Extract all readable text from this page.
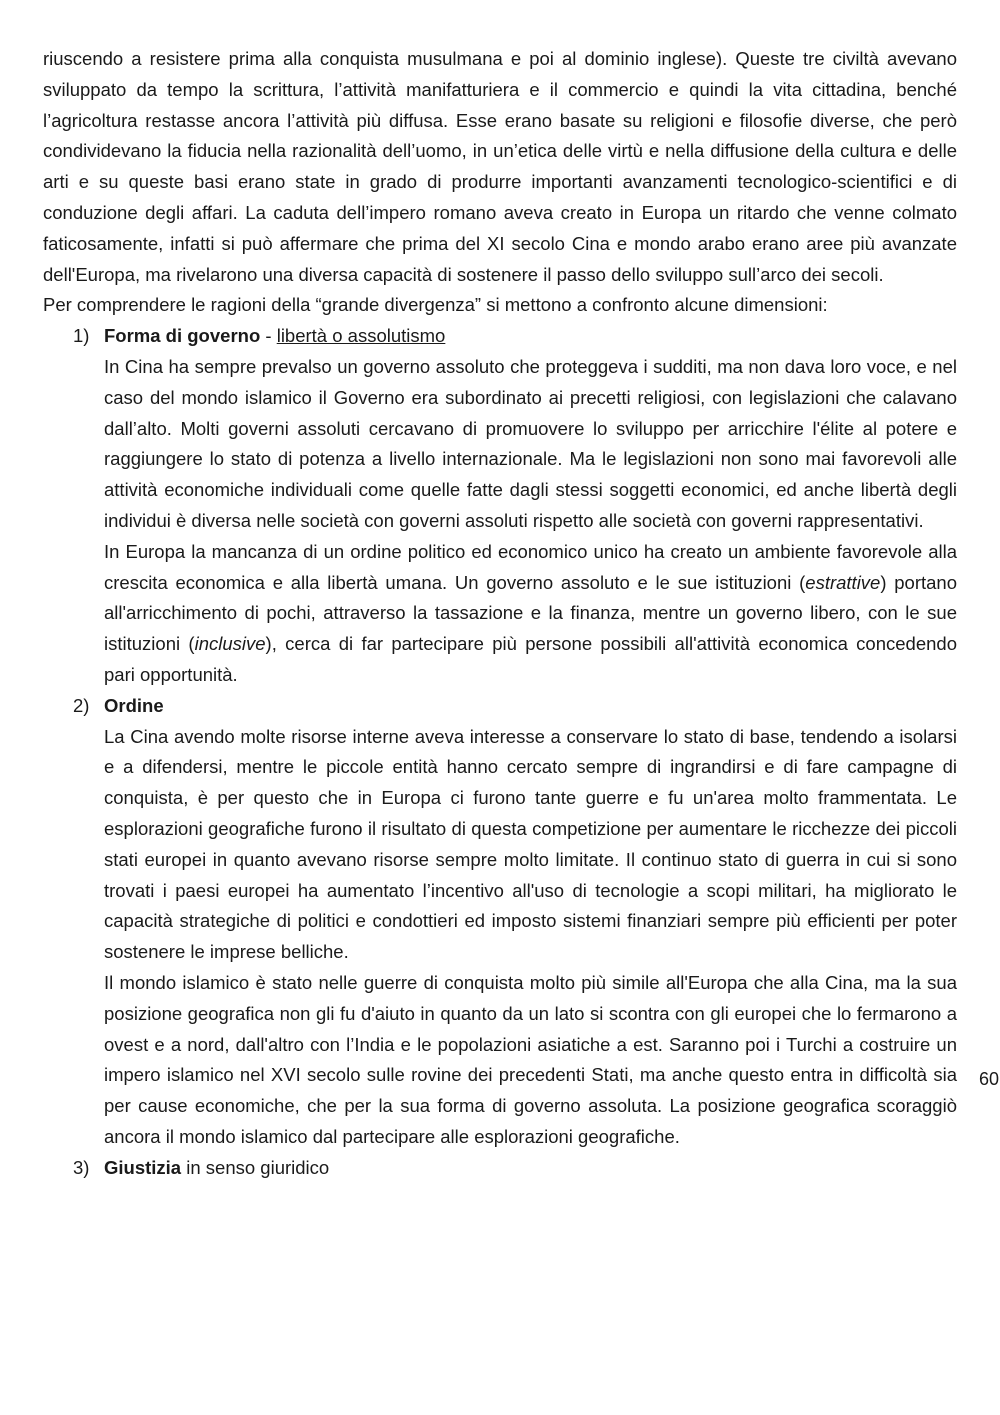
riuscendo a resistere prima alla conquista musulmana e poi al dominio inglese). Queste tre civiltà avevano sviluppato da tempo la scrittura, l’attività manifatturiera e il commercio e quindi la vita cittadina, benché l’agricoltura restasse ancora l’attività più diffusa. Esse erano basate su religioni e filosofie diverse, che però condividevano la fiducia nella razionalità dell’uomo, in un’etica delle virtù e nella diffusione della cultura e delle arti e su queste basi erano state in grado di produrre importanti avanzamenti tecnologico-scientifici e di conduzione degli affari. La caduta dell’impero romano aveva creato in Europa un ritardo che venne colmato faticosamente, infatti si può affermare che prima del XI secolo Cina e mondo arabo erano aree più avanzate dell'Europa, ma rivelarono una diversa capacità di sostenere il passo dello sviluppo sull’arco dei secoli.

Per comprendere le ragioni della “grande divergenza” si mettono a confronto alcune dimensioni:

1) Forma di governo - libertà o assolutismo

In Cina ha sempre prevalso un governo assoluto che proteggeva i sudditi, ma non dava loro voce, e nel caso del mondo islamico il Governo era subordinato ai precetti religiosi, con legislazioni che calavano dall’alto. Molti governi assoluti cercavano di promuovere lo sviluppo per arricchire l'élite al potere e raggiungere lo stato di potenza a livello internazionale. Ma le legislazioni non sono mai favorevoli alle attività economiche individuali come quelle fatte dagli stessi soggetti economici, ed anche libertà degli individui è diversa nelle società con governi assoluti rispetto alle società con governi rappresentativi.

In Europa la mancanza di un ordine politico ed economico unico ha creato un ambiente favorevole alla crescita economica e alla libertà umana. Un governo assoluto e le sue istituzioni (estrattive) portano all'arricchimento di pochi, attraverso la tassazione e la finanza, mentre un governo libero, con le sue istituzioni (inclusive), cerca di far partecipare più persone possibili all'attività economica concedendo pari opportunità.

2) Ordine

La Cina avendo molte risorse interne aveva interesse a conservare lo stato di base, tendendo a isolarsi e a difendersi, mentre le piccole entità hanno cercato sempre di ingrandirsi e di fare campagne di conquista, è per questo che in Europa ci furono tante guerre e fu un'area molto frammentata. Le esplorazioni geografiche furono il risultato di questa competizione per aumentare le ricchezze dei piccoli stati europei in quanto avevano risorse sempre molto limitate. Il continuo stato di guerra in cui si sono trovati i paesi europei ha aumentato l’incentivo all'uso di tecnologie a scopi militari, ha migliorato le capacità strategiche di politici e condottieri ed imposto sistemi finanziari sempre più efficienti per poter sostenere le imprese belliche.

Il mondo islamico è stato nelle guerre di conquista molto più simile all'Europa che alla Cina, ma la sua posizione geografica non gli fu d'aiuto in quanto da un lato si scontra con gli europei che lo fermarono a ovest e a nord, dall'altro con l’India e le popolazioni asiatiche a est. Saranno poi i Turchi a costruire un impero islamico nel XVI secolo sulle rovine dei precedenti Stati, ma anche questo entra in difficoltà sia per cause economiche, che per la sua forma di governo assoluta. La posizione geografica scoraggiò ancora il mondo islamico dal partecipare alle esplorazioni geografiche.

3) Giustizia in senso giuridico
60
